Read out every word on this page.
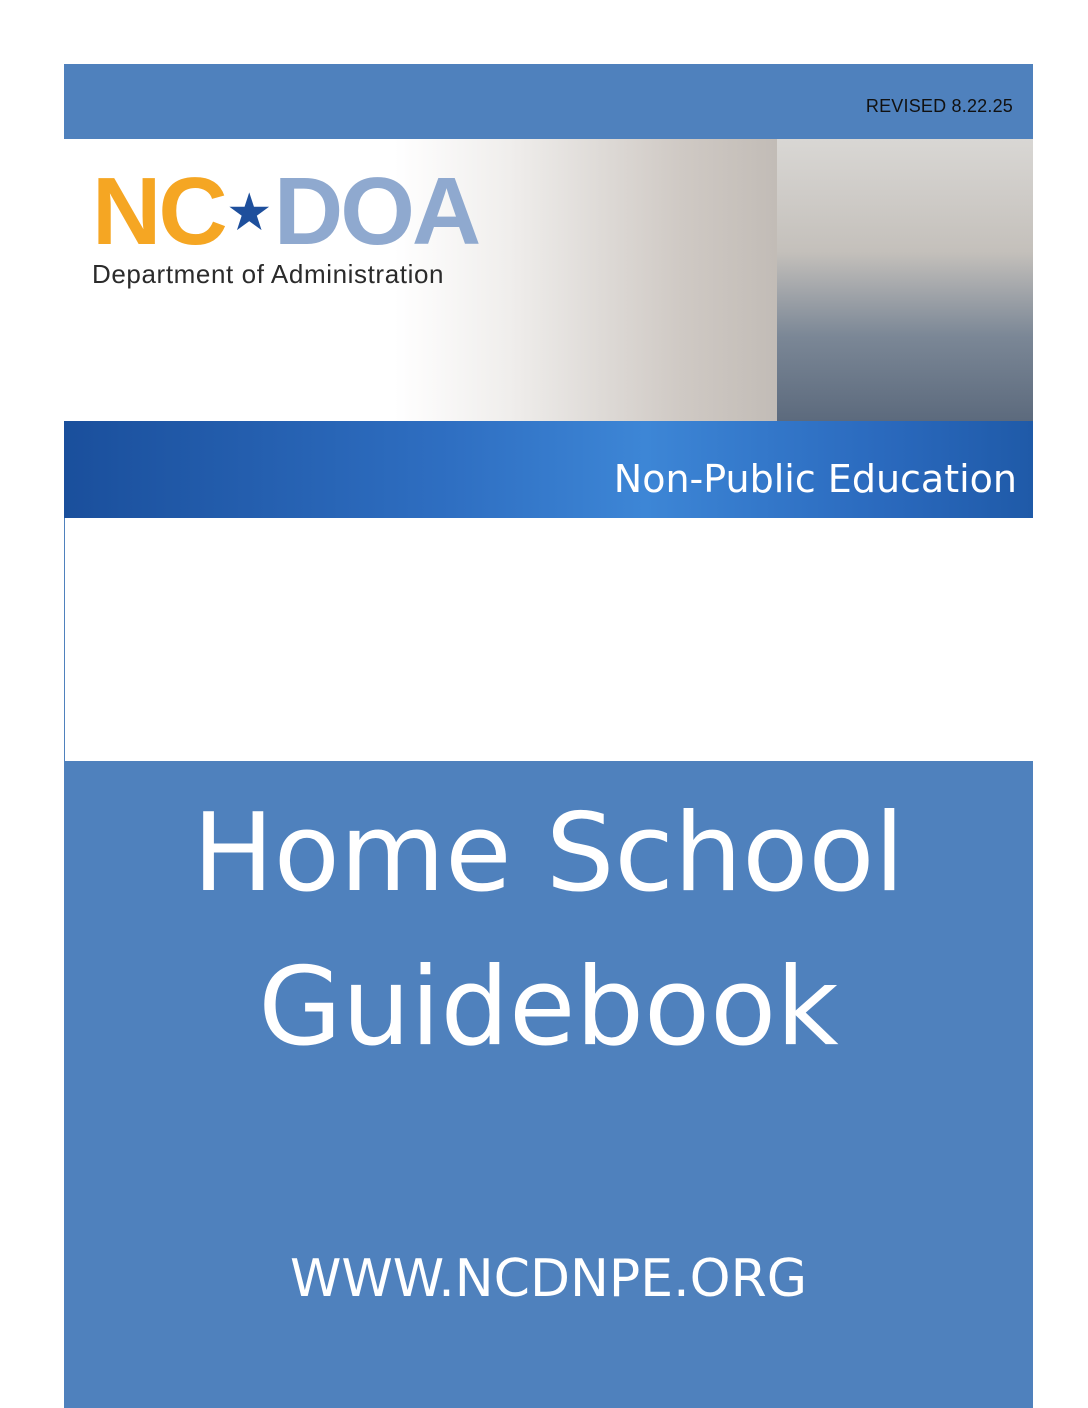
REVISED 8.22.25
NC ★ DOA
Department of Administration
Non-Public Education
Home School
Guidebook
WWW.NCDNPE.ORG
